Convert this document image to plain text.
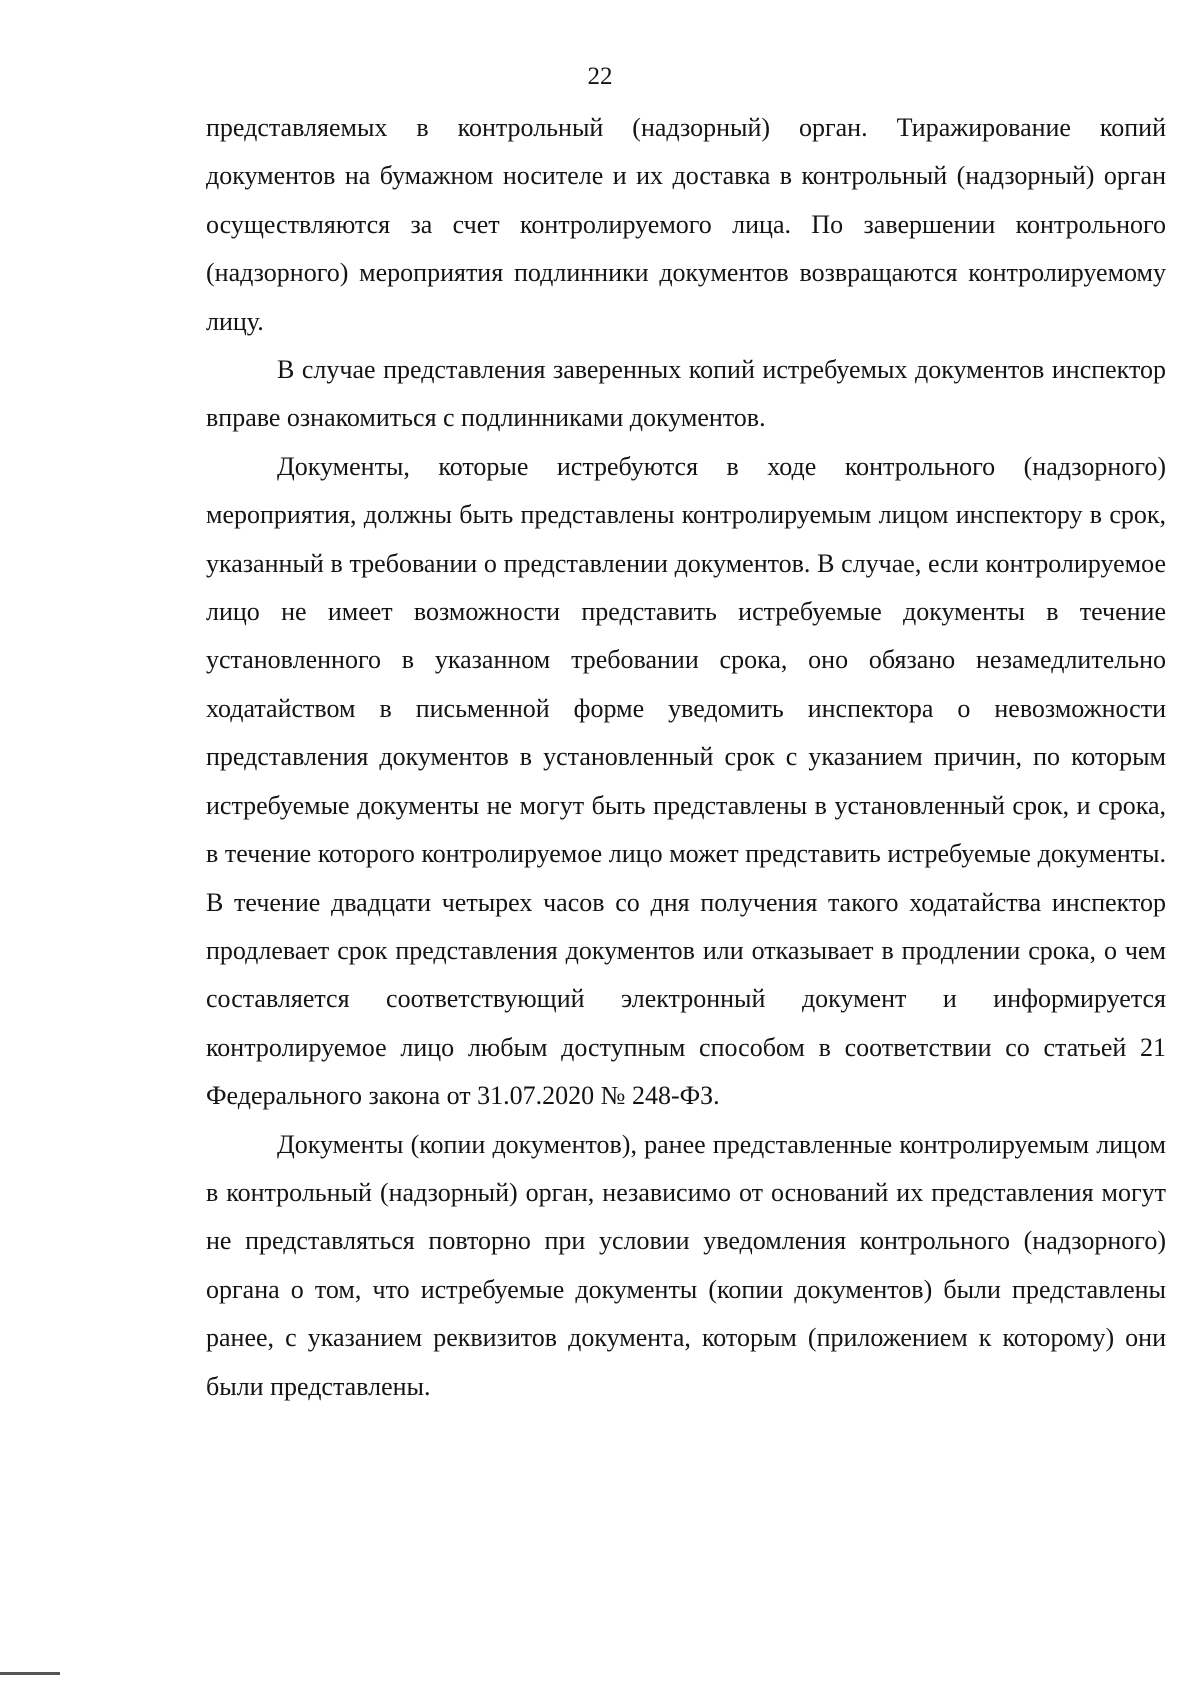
22

представляемых в контрольный (надзорный) орган. Тиражирование копий документов на бумажном носителе и их доставка в контрольный (надзорный) орган осуществляются за счет контролируемого лица. По завершении контрольного (надзорного) мероприятия подлинники документов возвращаются контролируемому лицу.

В случае представления заверенных копий истребуемых документов инспектор вправе ознакомиться с подлинниками документов.

Документы, которые истребуются в ходе контрольного (надзорного) мероприятия, должны быть представлены контролируемым лицом инспектору в срок, указанный в требовании о представлении документов. В случае, если контролируемое лицо не имеет возможности представить истребуемые документы в течение установленного в указанном требовании срока, оно обязано незамедлительно ходатайством в письменной форме уведомить инспектора о невозможности представления документов в установленный срок с указанием причин, по которым истребуемые документы не могут быть представлены в установленный срок, и срока, в течение которого контролируемое лицо может представить истребуемые документы. В течение двадцати четырех часов со дня получения такого ходатайства инспектор продлевает срок представления документов или отказывает в продлении срока, о чем составляется соответствующий электронный документ и информируется контролируемое лицо любым доступным способом в соответствии со статьей 21 Федерального закона от 31.07.2020 № 248-ФЗ.

Документы (копии документов), ранее представленные контролируемым лицом в контрольный (надзорный) орган, независимо от оснований их представления могут не представляться повторно при условии уведомления контрольного (надзорного) органа о том, что истребуемые документы (копии документов) были представлены ранее, с указанием реквизитов документа, которым (приложением к которому) они были представлены.
